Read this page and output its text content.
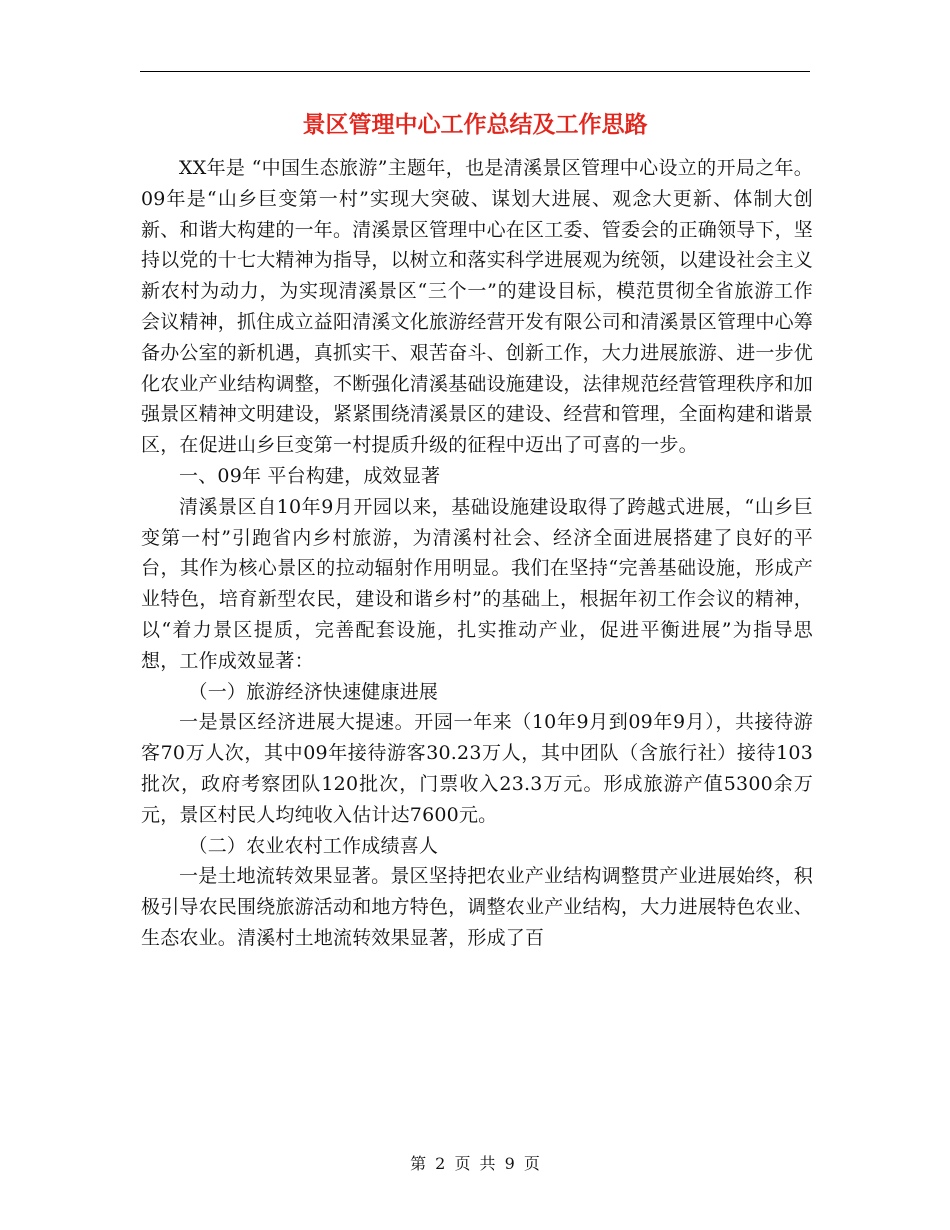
景区管理中心工作总结及工作思路

XX年是 “中国生态旅游”主题年，也是清溪景区管理中心设立的开局之年。09年是“山乡巨变第一村”实现大突破、谋划大进展、观念大更新、体制大创新、和谐大构建的一年。清溪景区管理中心在区工委、管委会的正确领导下，坚持以党的十七大精神为指导，以树立和落实科学进展观为统领，以建设社会主义新农村为动力，为实现清溪景区“三个一”的建设目标，模范贯彻全省旅游工作会议精神，抓住成立益阳清溪文化旅游经营开发有限公司和清溪景区管理中心筹备办公室的新机遇，真抓实干、艰苦奋斗、创新工作，大力进展旅游、进一步优化农业产业结构调整，不断强化清溪基础设施建设，法律规范经营管理秩序和加强景区精神文明建设，紧紧围绕清溪景区的建设、经营和管理，全面构建和谐景区，在促进山乡巨变第一村提质升级的征程中迈出了可喜的一步。

一、09年 平台构建，成效显著

清溪景区自10年9月开园以来，基础设施建设取得了跨越式进展，“山乡巨变第一村”引跑省内乡村旅游，为清溪村社会、经济全面进展搭建了良好的平台，其作为核心景区的拉动辐射作用明显。我们在坚持“完善基础设施，形成产业特色，培育新型农民，建设和谐乡村”的基础上，根据年初工作会议的精神，以“着力景区提质，完善配套设施，扎实推动产业，促进平衡进展”为指导思想，工作成效显著：

（一）旅游经济快速健康进展

一是景区经济进展大提速。开园一年来（10年9月到09年9月），共接待游客70万人次，其中09年接待游客30.23万人，其中团队（含旅行社）接待103批次，政府考察团队120批次，门票收入23.3万元。形成旅游产值5300余万元，景区村民人均纯收入估计达7600元。

（二）农业农村工作成绩喜人

一是土地流转效果显著。景区坚持把农业产业结构调整贯产业进展始终，积极引导农民围绕旅游活动和地方特色，调整农业产业结构，大力进展特色农业、生态农业。清溪村土地流转效果显著，形成了百

第 2 页 共 9 页
